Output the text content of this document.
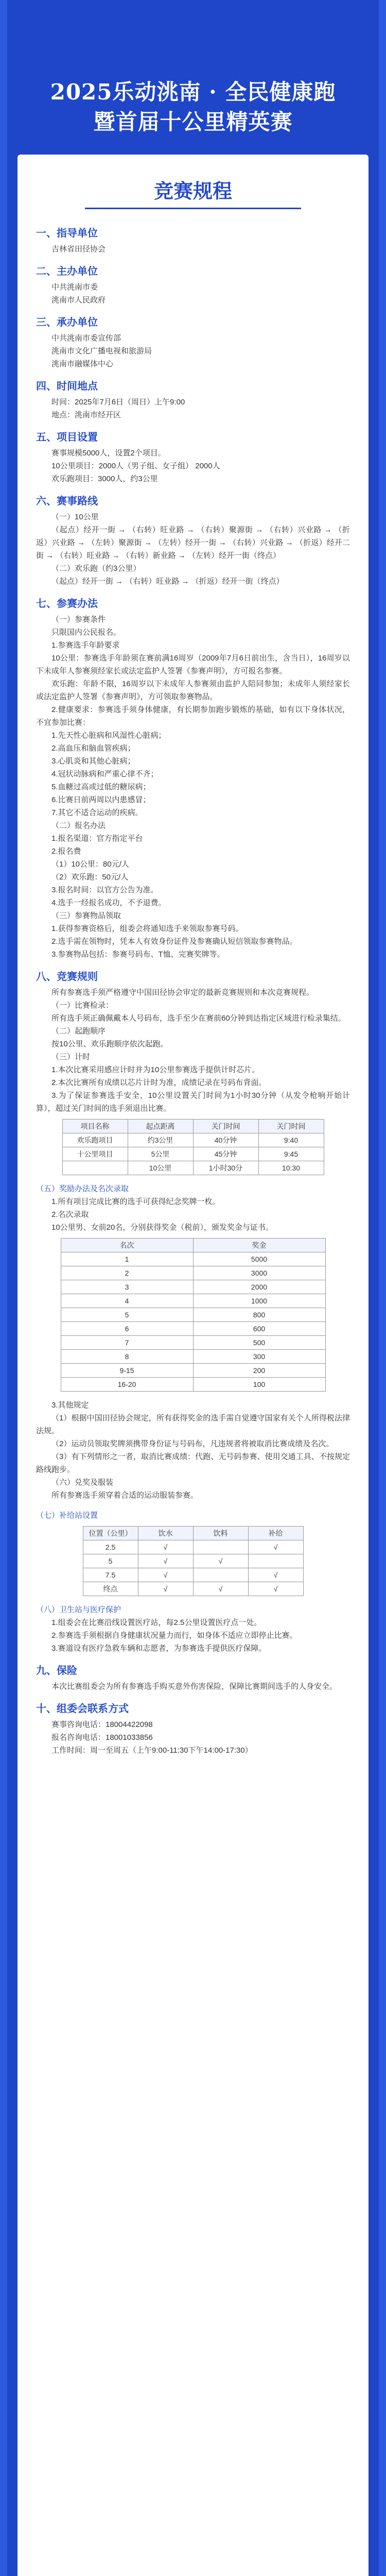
2025乐动洮南 · 全民健康跑
暨首届十公里精英赛
竞赛规程
一、指导单位

吉林省田径协会

二、主办单位

中共洮南市委

洮南市人民政府

三、承办单位

中共洮南市委宣传部

洮南市文化广播电视和旅游局

洮南市融媒体中心

四、时间地点

时间：2025年7月6日（周日）上午9:00

地点：洮南市经开区

五、项目设置

赛事规模5000人，设置2个项目。

10公里项目：2000人（男子组、女子组） 2000人

欢乐跑项目：3000人，约3公里

六、赛事路线

（一）10公里

（起点）经开一街 → （右转）旺业路 → （右转）聚源街 → （右转）兴业路 → （折返）兴业路 → （左转）聚源街 → （左转）经开一街 → （右转）兴业路 → （折返）经开二街 → （右转）旺业路 → （右转）新业路 → （左转）经开一街（终点）

（二）欢乐跑（约3公里）

（起点）经开一街 → （右转）旺业路 → （折返）经开一街（终点）

七、参赛办法

（一）参赛条件

只限国内公民报名。

1.参赛选手年龄要求

10公里：参赛选手年龄须在赛前满16周岁（2009年7月6日前出生，含当日），16周岁以下未成年人参赛须经家长或法定监护人签署《参赛声明》，方可报名参赛。

欢乐跑：年龄不限，16周岁以下未成年人参赛须由监护人陪同参加；未成年人须经家长或法定监护人签署《参赛声明》，方可领取参赛物品。

2.健康要求：参赛选手须身体健康，有长期参加跑步锻炼的基础，如有以下身体状况，不宜参加比赛：

1.先天性心脏病和风湿性心脏病；

2.高血压和脑血管疾病；

3.心肌炎和其他心脏病；

4.冠状动脉病和严重心律不齐；

5.血糖过高或过低的糖尿病；

6.比赛日前两周以内患感冒；

7.其它不适合运动的疾病。

（二）报名办法

1.报名渠道：官方指定平台

2.报名费

（1）10公里：80元/人

（2）欢乐跑：50元/人

3.报名时间：以官方公告为准。

4.选手一经报名成功，不予退费。

（三）参赛物品领取

1.获得参赛资格后，组委会将通知选手来领取参赛号码。

2.选手需在领物时，凭本人有效身份证件及参赛确认短信领取参赛物品。

3.参赛物品包括：参赛号码布、T恤、完赛奖牌等。

八、竞赛规则

所有参赛选手须严格遵守中国田径协会审定的最新竞赛规则和本次竞赛规程。

（一）比赛检录：

所有选手须正确佩戴本人号码布，选手至少在赛前60分钟到达指定区域进行检录集结。

（二）起跑顺序

按10公里、欢乐跑顺序依次起跑。

（三）计时

1.本次比赛采用感应计时并为10公里参赛选手提供计时芯片。

2.本次比赛所有成绩以芯片计时为准，成绩记录在号码布背面。

3.为了保证参赛选手安全，10公里设置关门时间为1小时30分钟（从发令枪响开始计算），超过关门时间的选手须退出比赛。

项目名称	起点距离	关门时间	关门时间
欢乐跑项目	约3公里	40分钟	9:40
十公里项目	5公里	45分钟	9:45
	10公里	1小时30分	10:30

（五）奖励办法及名次录取

1.所有项目完成比赛的选手可获得纪念奖牌一枚。

2.名次录取

10公里男、女前20名，分别获得奖金（税前），颁发奖金与证书。

名次	奖金
1	5000
2	3000
3	2000
4	1000
5	800
6	600
7	500
8	300
9-15	200
16-20	100

3.其他规定

（1）根据中国田径协会规定，所有获得奖金的选手需自觉遵守国家有关个人所得税法律法规。

（2）运动员领取奖牌须携带身份证与号码布，凡违规者将被取消比赛成绩及名次。

（3）有下列情形之一者，取消比赛成绩：代跑、无号码参赛、使用交通工具、不按规定路线跑步。

（六）兑奖及服装

所有参赛选手须穿着合适的运动服装参赛。

（七）补给站设置

位置（公里）	饮水	饮料	补给
2.5	√		√
5	√	√	
7.5	√		√
终点	√	√	√

（八）卫生站与医疗保护

1.组委会在比赛沿线设置医疗站，每2.5公里设置医疗点一处。

2.参赛选手须根据自身健康状况量力而行，如身体不适应立即停止比赛。

3.赛道设有医疗急救车辆和志愿者，为参赛选手提供医疗保障。

九、保险

本次比赛组委会为所有参赛选手购买意外伤害保险，保障比赛期间选手的人身安全。

十、组委会联系方式

赛事咨询电话：18004422098

报名咨询电话：18001033856

工作时间：周一至周五（上午9:00-11:30下午14:00-17:30）
